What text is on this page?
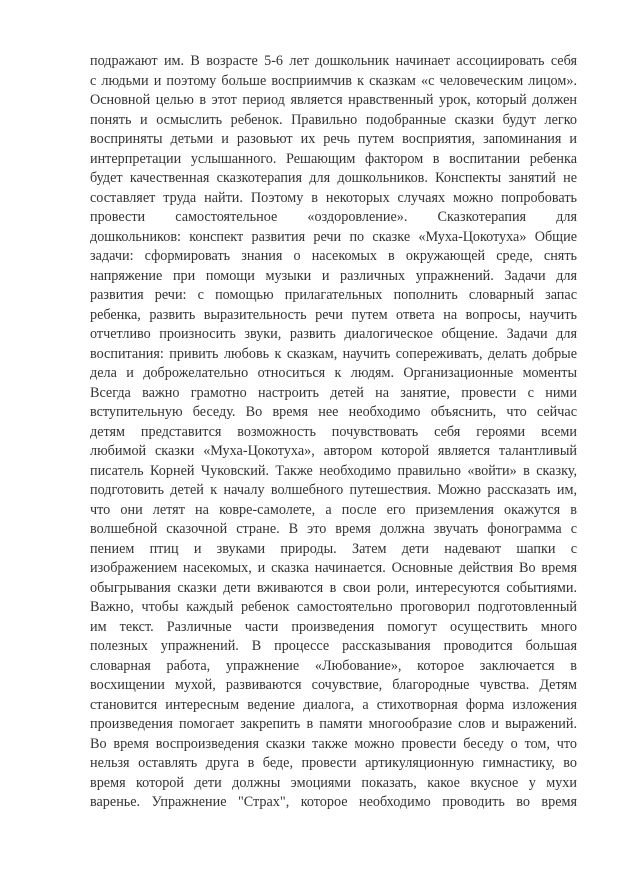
подражают им. В возрасте 5-6 лет дошкольник начинает ассоциировать себя
с людьми и поэтому больше восприимчив к сказкам «с человеческим лицом».
Основной целью в этот период является нравственный урок, который должен
понять и осмыслить ребенок. Правильно подобранные сказки будут легко
восприняты детьми и разовьют их речь путем восприятия, запоминания и
интерпретации услышанного. Решающим фактором в воспитании ребенка
будет качественная сказкотерапия для дошкольников. Конспекты занятий не
составляет труда найти. Поэтому в некоторых случаях можно попробовать
провести самостоятельное «оздоровление». Сказкотерапия для
дошкольников: конспект развития речи по сказке «Муха-Цокотуха» Общие
задачи: сформировать знания о насекомых в окружающей среде, снять
напряжение при помощи музыки и различных упражнений. Задачи для
развития речи: с помощью прилагательных пополнить словарный запас
ребенка, развить выразительность речи путем ответа на вопросы, научить
отчетливо произносить звуки, развить диалогическое общение. Задачи для
воспитания: привить любовь к сказкам, научить сопереживать, делать добрые
дела и доброжелательно относиться к людям. Организационные моменты
Всегда важно грамотно настроить детей на занятие, провести с ними
вступительную беседу. Во время нее необходимо объяснить, что сейчас
детям представится возможность почувствовать себя героями всеми
любимой сказки «Муха-Цокотуха», автором которой является талантливый
писатель Корней Чуковский. Также необходимо правильно «войти» в сказку,
подготовить детей к началу волшебного путешествия. Можно рассказать им,
что они летят на ковре-самолете, а после его приземления окажутся в
волшебной сказочной стране. В это время должна звучать фонограмма с
пением птиц и звуками природы. Затем дети надевают шапки с
изображением насекомых, и сказка начинается. Основные действия Во время
обыгрывания сказки дети вживаются в свои роли, интересуются событиями.
Важно, чтобы каждый ребенок самостоятельно проговорил подготовленный
им текст. Различные части произведения помогут осуществить много
полезных упражнений. В процессе рассказывания проводится большая
словарная работа, упражнение «Любование», которое заключается в
восхищении мухой, развиваются сочувствие, благородные чувства. Детям
становится интересным ведение диалога, а стихотворная форма изложения
произведения помогает закрепить в памяти многообразие слов и выражений.
Во время воспроизведения сказки также можно провести беседу о том, что
нельзя оставлять друга в беде, провести артикуляционную гимнастику, во
время которой дети должны эмоциями показать, какое вкусное у мухи
варенье. Упражнение "Страх", которое необходимо проводить во время
